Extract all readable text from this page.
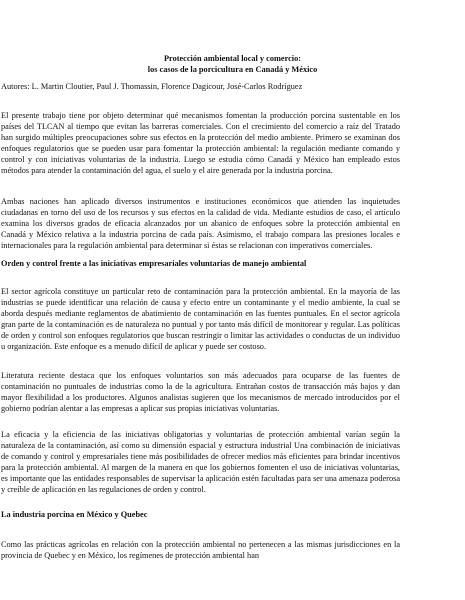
Protección ambiental local y comercio:
los casos de la porcicultura en Canadá y México
Autores: L. Martin Cloutier, Paul J. Thomassin, Florence Dagicour, José-Carlos Rodríguez

El presente trabajo tiene por objeto determinar qué mecanismos fomentan la producción porcina sustentable en los países del TLCAN al tiempo que evitan las barreras comerciales. Con el crecimiento del comercio a raíz del Tratado han surgido múltiples preocupaciones sobre sus efectos en la protección del medio ambiente. Primero se examinan dos enfoques regulatorios que se pueden usar para fomentar la protección ambiental: la regulación mediante comando y control y con iniciativas voluntarias de la industria. Luego se estudia cómo Canadá y México han empleado estos métodos para atender la contaminación del agua, el suelo y el aire generada por la industria porcina.

Ambas naciones han aplicado diversos instrumentos e instituciones económicos que atienden las inquietudes ciudadanas en torno del uso de los recursos y sus efectos en la calidad de vida. Mediante estudios de caso, el artículo examina los diversos grados de eficacia alcanzados por un abanico de enfoques sobre la protección ambiental en Canadá y México relativa a la industria porcina de cada país. Asimismo, el trabajo compara las presiones locales e internacionales para la regulación ambiental para determinar si éstas se relacionan con imperativos comerciales.

Orden y control frente a las iniciativas empresariales voluntarias de manejo ambiental

El sector agrícola constituye un particular reto de contaminación para la protección ambiental. En la mayoría de las industrias se puede identificar una relación de causa y efecto entre un contaminante y el medio ambiente, la cual se aborda después mediante reglamentos de abatimiento de contaminación en las fuentes puntuales. En el sector agrícola gran parte de la contaminación es de naturaleza no puntual y por tanto más difícil de monitorear y regular. Las políticas de orden y control son enfoques regulatorios que buscan restringir o limitar las actividades o conductas de un individuo u organización. Este enfoque es a menudo difícil de aplicar y puede ser costoso.

Literatura reciente destaca que los enfoques voluntarios son más adecuados para ocuparse de las fuentes de contaminación no puntuales de industrias como la de la agricultura. Entrañan costos de transacción más bajos y dan mayor flexibilidad a los productores. Algunos analistas sugieren que los mecanismos de mercado introducidos por el gobierno podrían alentar a las empresas a aplicar sus propias iniciativas voluntarias.

La eficacia y la eficiencia de las iniciativas obligatorias y voluntarias de protección ambiental varían según la naturaleza de la contaminación, así como su dimensión espacial y estructura industrial Una combinación de iniciativas de comando y control y empresariales tiene más posibilidades de ofrecer medios más eficientes para brindar incentivos para la protección ambiental. Al margen de la manera en que los gobiernos fomenten el uso de iniciativas voluntarias, es importante que las entidades responsables de supervisar la aplicación estén facultadas para ser una amenaza poderosa y creíble de aplicación en las regulaciones de orden y control.

La industria porcina en México y Quebec

Como las prácticas agrícolas en relación con la protección ambiental no pertenecen a las mismas jurisdicciones en la provincia de Quebec y en México, los regímenes de protección ambiental han
